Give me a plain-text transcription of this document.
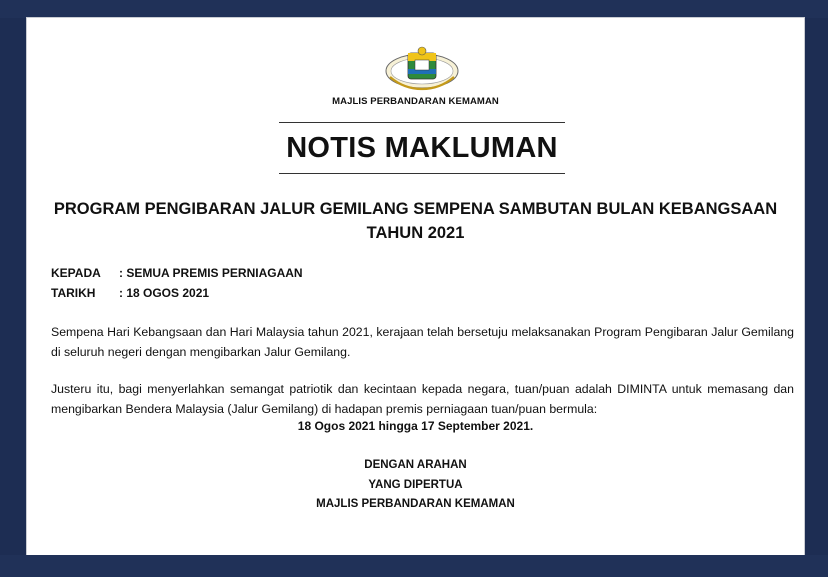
MAJLIS PERBANDARAN KEMAMAN
NOTIS MAKLUMAN
PROGRAM PENGIBARAN JALUR GEMILANG SEMPENA SAMBUTAN BULAN KEBANGSAAN
TAHUN 2021
KEPADA : SEMUA PREMIS PERNIAGAAN
TARIKH : 18 OGOS 2021
Sempena Hari Kebangsaan dan Hari Malaysia tahun 2021, kerajaan telah bersetuju melaksanakan Program Pengibaran Jalur Gemilang di seluruh negeri dengan mengibarkan Jalur Gemilang.
Justeru itu, bagi menyerlahkan semangat patriotik dan kecintaan kepada negara, tuan/puan adalah DIMINTA untuk memasang dan mengibarkan Bendera Malaysia (Jalur Gemilang) di hadapan premis perniagaan tuan/puan bermula:
18 Ogos 2021 hingga 17 September 2021.
DENGAN ARAHAN
YANG DIPERTUA
MAJLIS PERBANDARAN KEMAMAN
